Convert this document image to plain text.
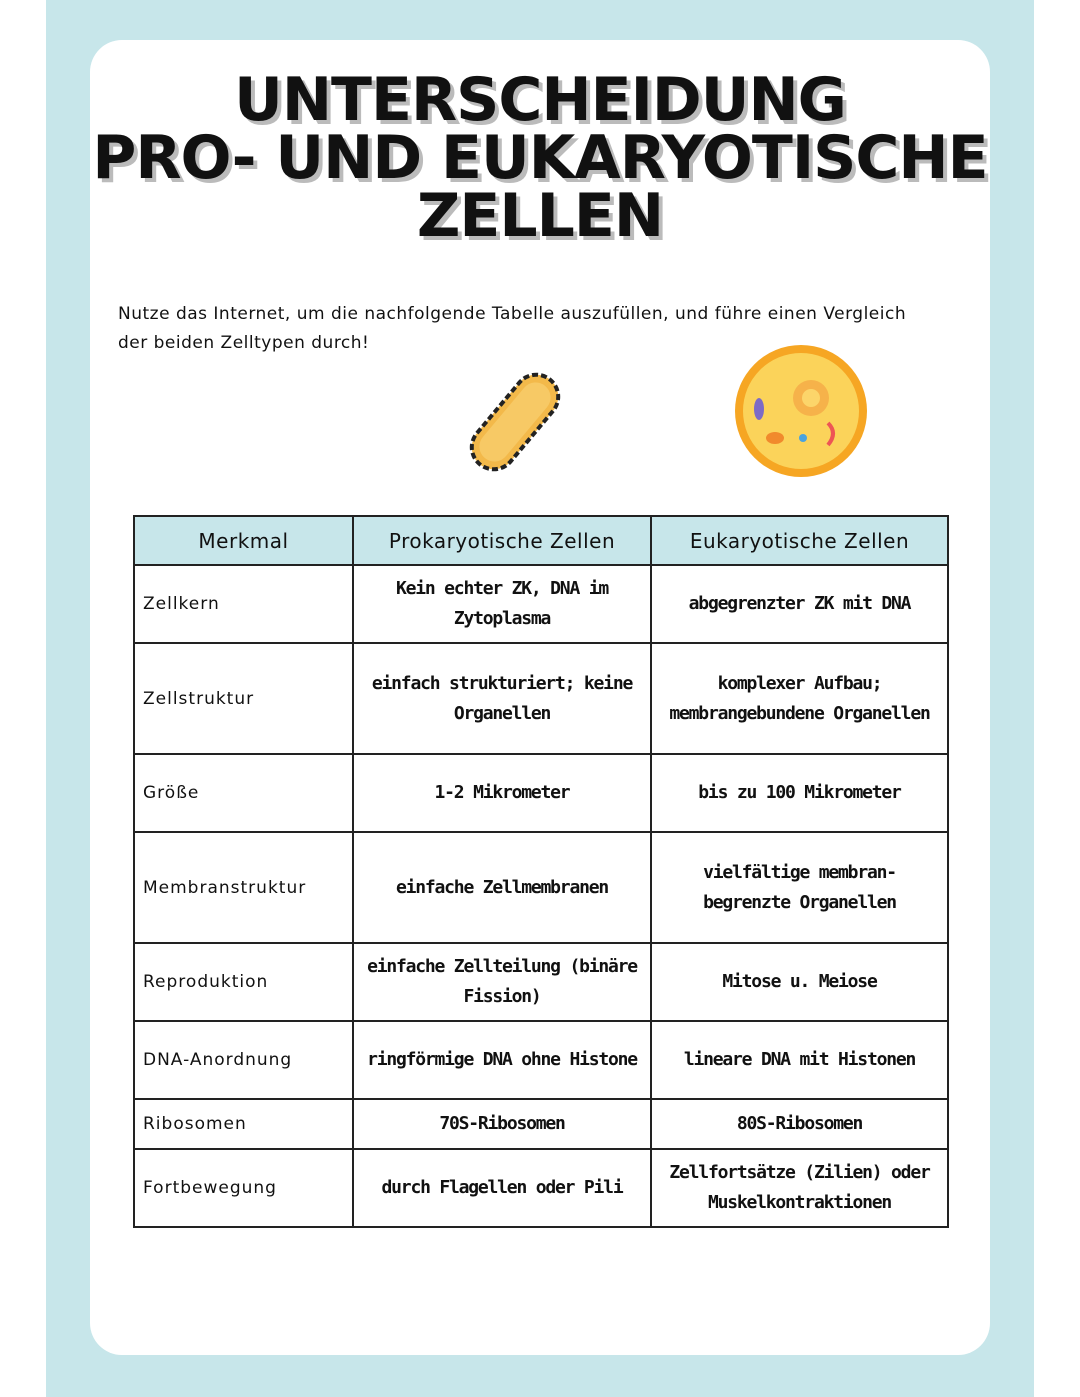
UNTERSCHEIDUNG
PRO- UND EUKARYOTISCHE
ZELLEN
Nutze das Internet, um die nachfolgende Tabelle auszufüllen, und führe einen Vergleich der beiden Zelltypen durch!
Merkmal	Prokaryotische Zellen	Eukaryotische Zellen
Zellkern	Kein echter ZK, DNA im Zytoplasma	abgegrenzter ZK mit DNA
Zellstruktur	einfach strukturiert; keine Organellen	komplexer Aufbau; membrangebundene Organellen
Größe	1-2 Mikrometer	bis zu 100 Mikrometer
Membranstruktur	einfache Zellmembranen	vielfältige membran-begrenzte Organellen
Reproduktion	einfache Zellteilung (binäre Fission)	Mitose u. Meiose
DNA-Anordnung	ringförmige DNA ohne Histone	lineare DNA mit Histonen
Ribosomen	70S-Ribosomen	80S-Ribosomen
Fortbewegung	durch Flagellen oder Pili	Zellfortsätze (Zilien) oder Muskelkontraktionen
